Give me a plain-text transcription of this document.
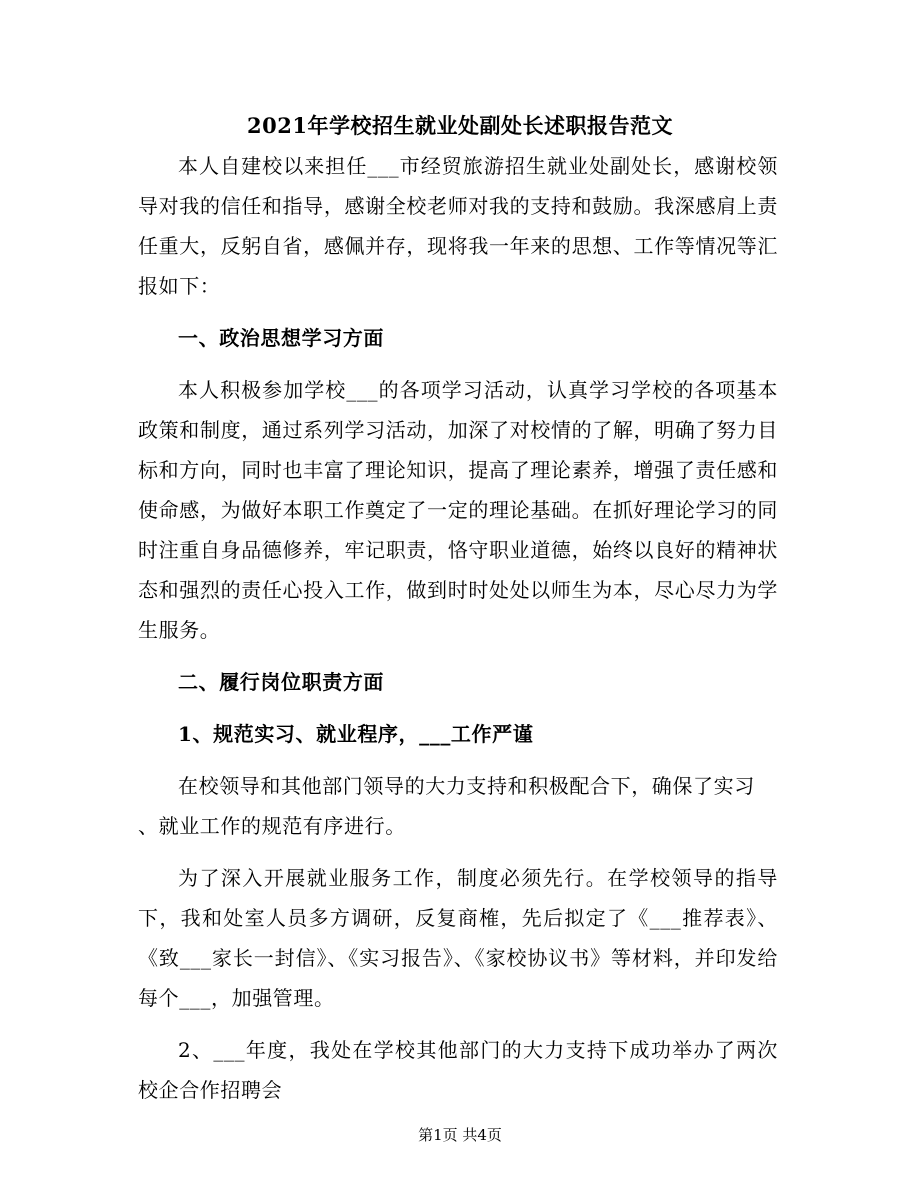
2021年学校招生就业处副处长述职报告范文

本人自建校以来担任___市经贸旅游招生就业处副处长，感谢校领导对我的信任和指导，感谢全校老师对我的支持和鼓励。我深感肩上责任重大，反躬自省，感佩并存，现将我一年来的思想、工作等情况等汇报如下：

一、政治思想学习方面

本人积极参加学校___的各项学习活动，认真学习学校的各项基本政策和制度，通过系列学习活动，加深了对校情的了解，明确了努力目标和方向，同时也丰富了理论知识，提高了理论素养，增强了责任感和使命感，为做好本职工作奠定了一定的理论基础。在抓好理论学习的同时注重自身品德修养，牢记职责，恪守职业道德，始终以良好的精神状态和强烈的责任心投入工作，做到时时处处以师生为本，尽心尽力为学生服务。

二、履行岗位职责方面

1、规范实习、就业程序，___工作严谨

在校领导和其他部门领导的大力支持和积极配合下，确保了实习

、就业工作的规范有序进行。

为了深入开展就业服务工作，制度必须先行。在学校领导的指导下，我和处室人员多方调研，反复商榷，先后拟定了《___推荐表》、《致___家长一封信》、《实习报告》、《家校协议书》等材料，并印发给每个___，加强管理。

2、___年度，我处在学校其他部门的大力支持下成功举办了两次校企合作招聘会

第1页 共4页
